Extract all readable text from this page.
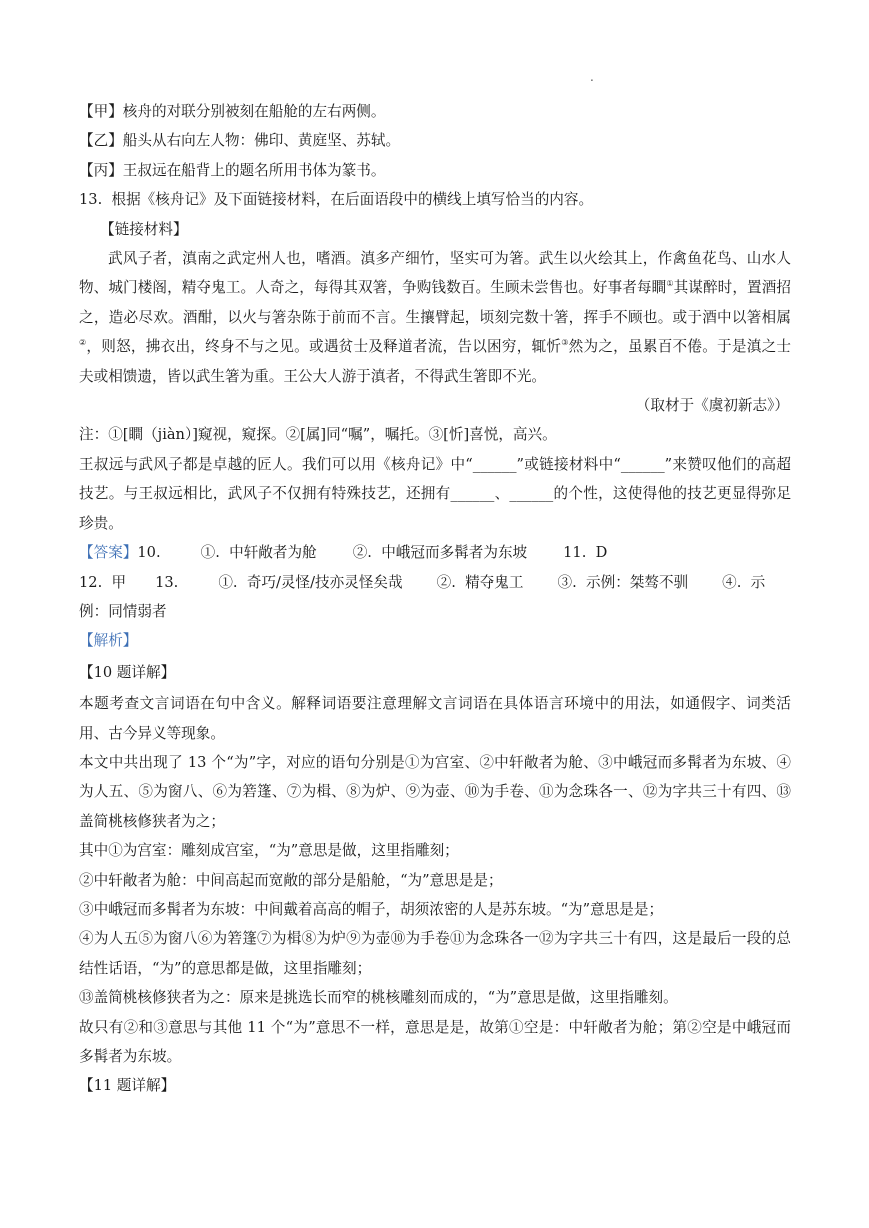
.

【甲】核舟的对联分别被刻在船舱的左右两侧。

【乙】船头从右向左人物：佛印、黄庭坚、苏轼。

【丙】王叔远在船背上的题名所用书体为篆书。

13.  根据《核舟记》及下面链接材料，在后面语段中的横线上填写恰当的内容。

【链接材料】

武风子者，滇南之武定州人也，嗜酒。滇多产细竹，坚实可为箸。武生以火绘其上，作禽鱼花鸟、山水人物、城门楼阁，精夺鬼工。人奇之，每得其双箸，争购钱数百。生顾未尝售也。好事者每瞷①其谋醉时，置酒招之，造必尽欢。酒酣，以火与箸杂陈于前而不言。生攘臂起，顷刻完数十箸，挥手不顾也。或于酒中以箸相属②，则怒，拂衣出，终身不与之见。或遇贫士及释道者流，告以困穷，辄忻③然为之，虽累百不倦。于是滇之士夫或相馈遗，皆以武生箸为重。王公大人游于滇者，不得武生箸即不光。

（取材于《虞初新志》）

注：①[瞷（jiàn）]窥视，窥探。②[属]同“嘱”，嘱托。③[忻]喜悦，高兴。

王叔远与武风子都是卓越的匠人。我们可以用《核舟记》中“______”或链接材料中“______”来赞叹他们的高超技艺。与王叔远相比，武风子不仅拥有特殊技艺，还拥有______、______的个性，这使得他的技艺更显得弥足珍贵。

【答案】 10.	①.  中轩敞者为舱 ②.  中峨冠而多髯者为东坡 11.  D
12.  甲 13.	①.  奇巧/灵怪/技亦灵怪矣哉 ②.  精夺鬼工 ③.  示例：桀骜不驯 ④.  示

例：同情弱者

【解析】

【10 题详解】

本题考查文言词语在句中含义。解释词语要注意理解文言词语在具体语言环境中的用法，如通假字、词类活用、古今异义等现象。

本文中共出现了 13 个“为”字，对应的语句分别是①为宫室、②中轩敞者为舱、③中峨冠而多髯者为东坡、④为人五、⑤为窗八、⑥为箬篷、⑦为楫、⑧为炉、⑨为壶、⑩为手卷、⑪为念珠各一、⑫为字共三十有四、⑬盖简桃核修狭者为之；

其中①为宫室：雕刻成宫室，“为”意思是做，这里指雕刻；

②中轩敞者为舱：中间高起而宽敞的部分是船舱，“为”意思是是；

③中峨冠而多髯者为东坡：中间戴着高高的帽子，胡须浓密的人是苏东坡。“为”意思是是；

④为人五⑤为窗八⑥为箬篷⑦为楫⑧为炉⑨为壶⑩为手卷⑪为念珠各一⑫为字共三十有四，这是最后一段的总结性话语，“为”的意思都是做，这里指雕刻；

⑬盖简桃核修狭者为之：原来是挑选长而窄的桃核雕刻而成的，“为”意思是做，这里指雕刻。

故只有②和③意思与其他 11 个“为”意思不一样，意思是是，故第①空是：中轩敞者为舱；第②空是中峨冠而多髯者为东坡。

【11 题详解】
